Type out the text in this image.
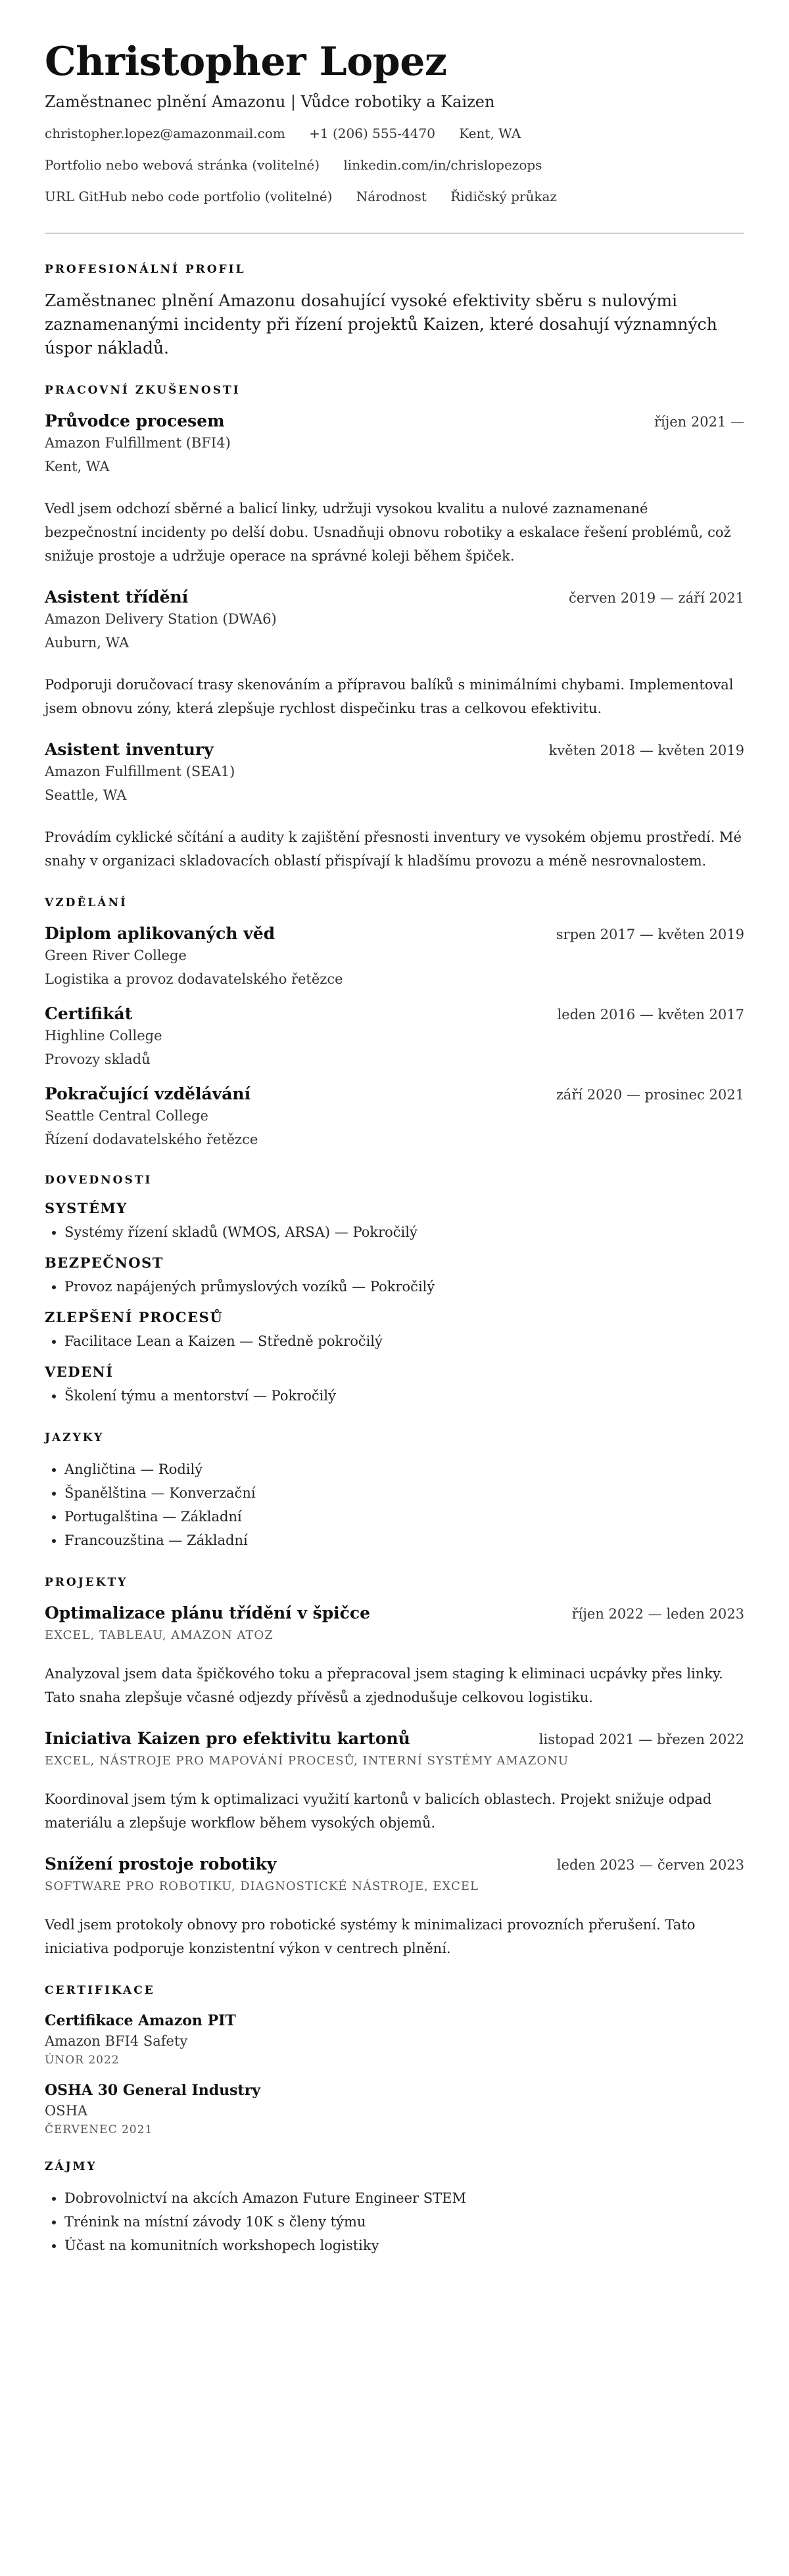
Christopher Lopez
Zaměstnanec plnění Amazonu | Vůdce robotiky a Kaizen
christopher.lopez@amazonmail.com +1 (206) 555-4470 Kent, WA
Portfolio nebo webová stránka (volitelné) linkedin.com/in/chrislopezops
URL GitHub nebo code portfolio (volitelné) Národnost Řidičský průkaz
PROFESIONÁLNÍ PROFIL
Zaměstnanec plnění Amazonu dosahující vysoké efektivity sběru s nulovými zaznamenanými incidenty při řízení projektů Kaizen, které dosahují významných úspor nákladů.
PRACOVNÍ ZKUŠENOSTI
Průvodce procesem	říjen 2021 —
Amazon Fulfillment (BFI4)
Kent, WA
Vedl jsem odchozí sběrné a balicí linky, udržuji vysokou kvalitu a nulové zaznamenané bezpečnostní incidenty po delší dobu. Usnadňuji obnovu robotiky a eskalace řešení problémů, což snižuje prostoje a udržuje operace na správné koleji během špiček.
Asistent třídění	červen 2019 — září 2021
Amazon Delivery Station (DWA6)
Auburn, WA
Podporuji doručovací trasy skenováním a přípravou balíků s minimálními chybami. Implementoval jsem obnovu zóny, která zlepšuje rychlost dispečinku tras a celkovou efektivitu.
Asistent inventury	květen 2018 — květen 2019
Amazon Fulfillment (SEA1)
Seattle, WA
Provádím cyklické sčítání a audity k zajištění přesnosti inventury ve vysokém objemu prostředí. Mé snahy v organizaci skladovacích oblastí přispívají k hladšímu provozu a méně nesrovnalostem.
VZDĚLÁNÍ
Diplom aplikovaných věd	srpen 2017 — květen 2019
Green River College
Logistika a provoz dodavatelského řetězce
Certifikát	leden 2016 — květen 2017
Highline College
Provozy skladů
Pokračující vzdělávání	září 2020 — prosinec 2021
Seattle Central College
Řízení dodavatelského řetězce
DOVEDNOSTI
SYSTÉMY
• Systémy řízení skladů (WMOS, ARSA) — Pokročilý
BEZPEČNOST
• Provoz napájených průmyslových vozíků — Pokročilý
ZLEPŠENÍ PROCESŮ
• Facilitace Lean a Kaizen — Středně pokročilý
VEDENÍ
• Školení týmu a mentorství — Pokročilý
JAZYKY
• Angličtina — Rodilý
• Španělština — Konverzační
• Portugalština — Základní
• Francouzština — Základní
PROJEKTY
Optimalizace plánu třídění v špičce	říjen 2022 — leden 2023
EXCEL, TABLEAU, AMAZON ATOZ
Analyzoval jsem data špičkového toku a přepracoval jsem staging k eliminaci ucpávky přes linky. Tato snaha zlepšuje včasné odjezdy přívěsů a zjednodušuje celkovou logistiku.
Iniciativa Kaizen pro efektivitu kartonů	listopad 2021 — březen 2022
EXCEL, NÁSTROJE PRO MAPOVÁNÍ PROCESŮ, INTERNÍ SYSTÉMY AMAZONU
Koordinoval jsem tým k optimalizaci využití kartonů v balicích oblastech. Projekt snižuje odpad materiálu a zlepšuje workflow během vysokých objemů.
Snížení prostoje robotiky	leden 2023 — červen 2023
SOFTWARE PRO ROBOTIKU, DIAGNOSTICKÉ NÁSTROJE, EXCEL
Vedl jsem protokoly obnovy pro robotické systémy k minimalizaci provozních přerušení. Tato iniciativa podporuje konzistentní výkon v centrech plnění.
CERTIFIKACE
Certifikace Amazon PIT
Amazon BFI4 Safety
ÚNOR 2022
OSHA 30 General Industry
OSHA
ČERVENEC 2021
ZÁJMY
• Dobrovolnictví na akcích Amazon Future Engineer STEM
• Trénink na místní závody 10K s členy týmu
• Účast na komunitních workshopech logistiky
